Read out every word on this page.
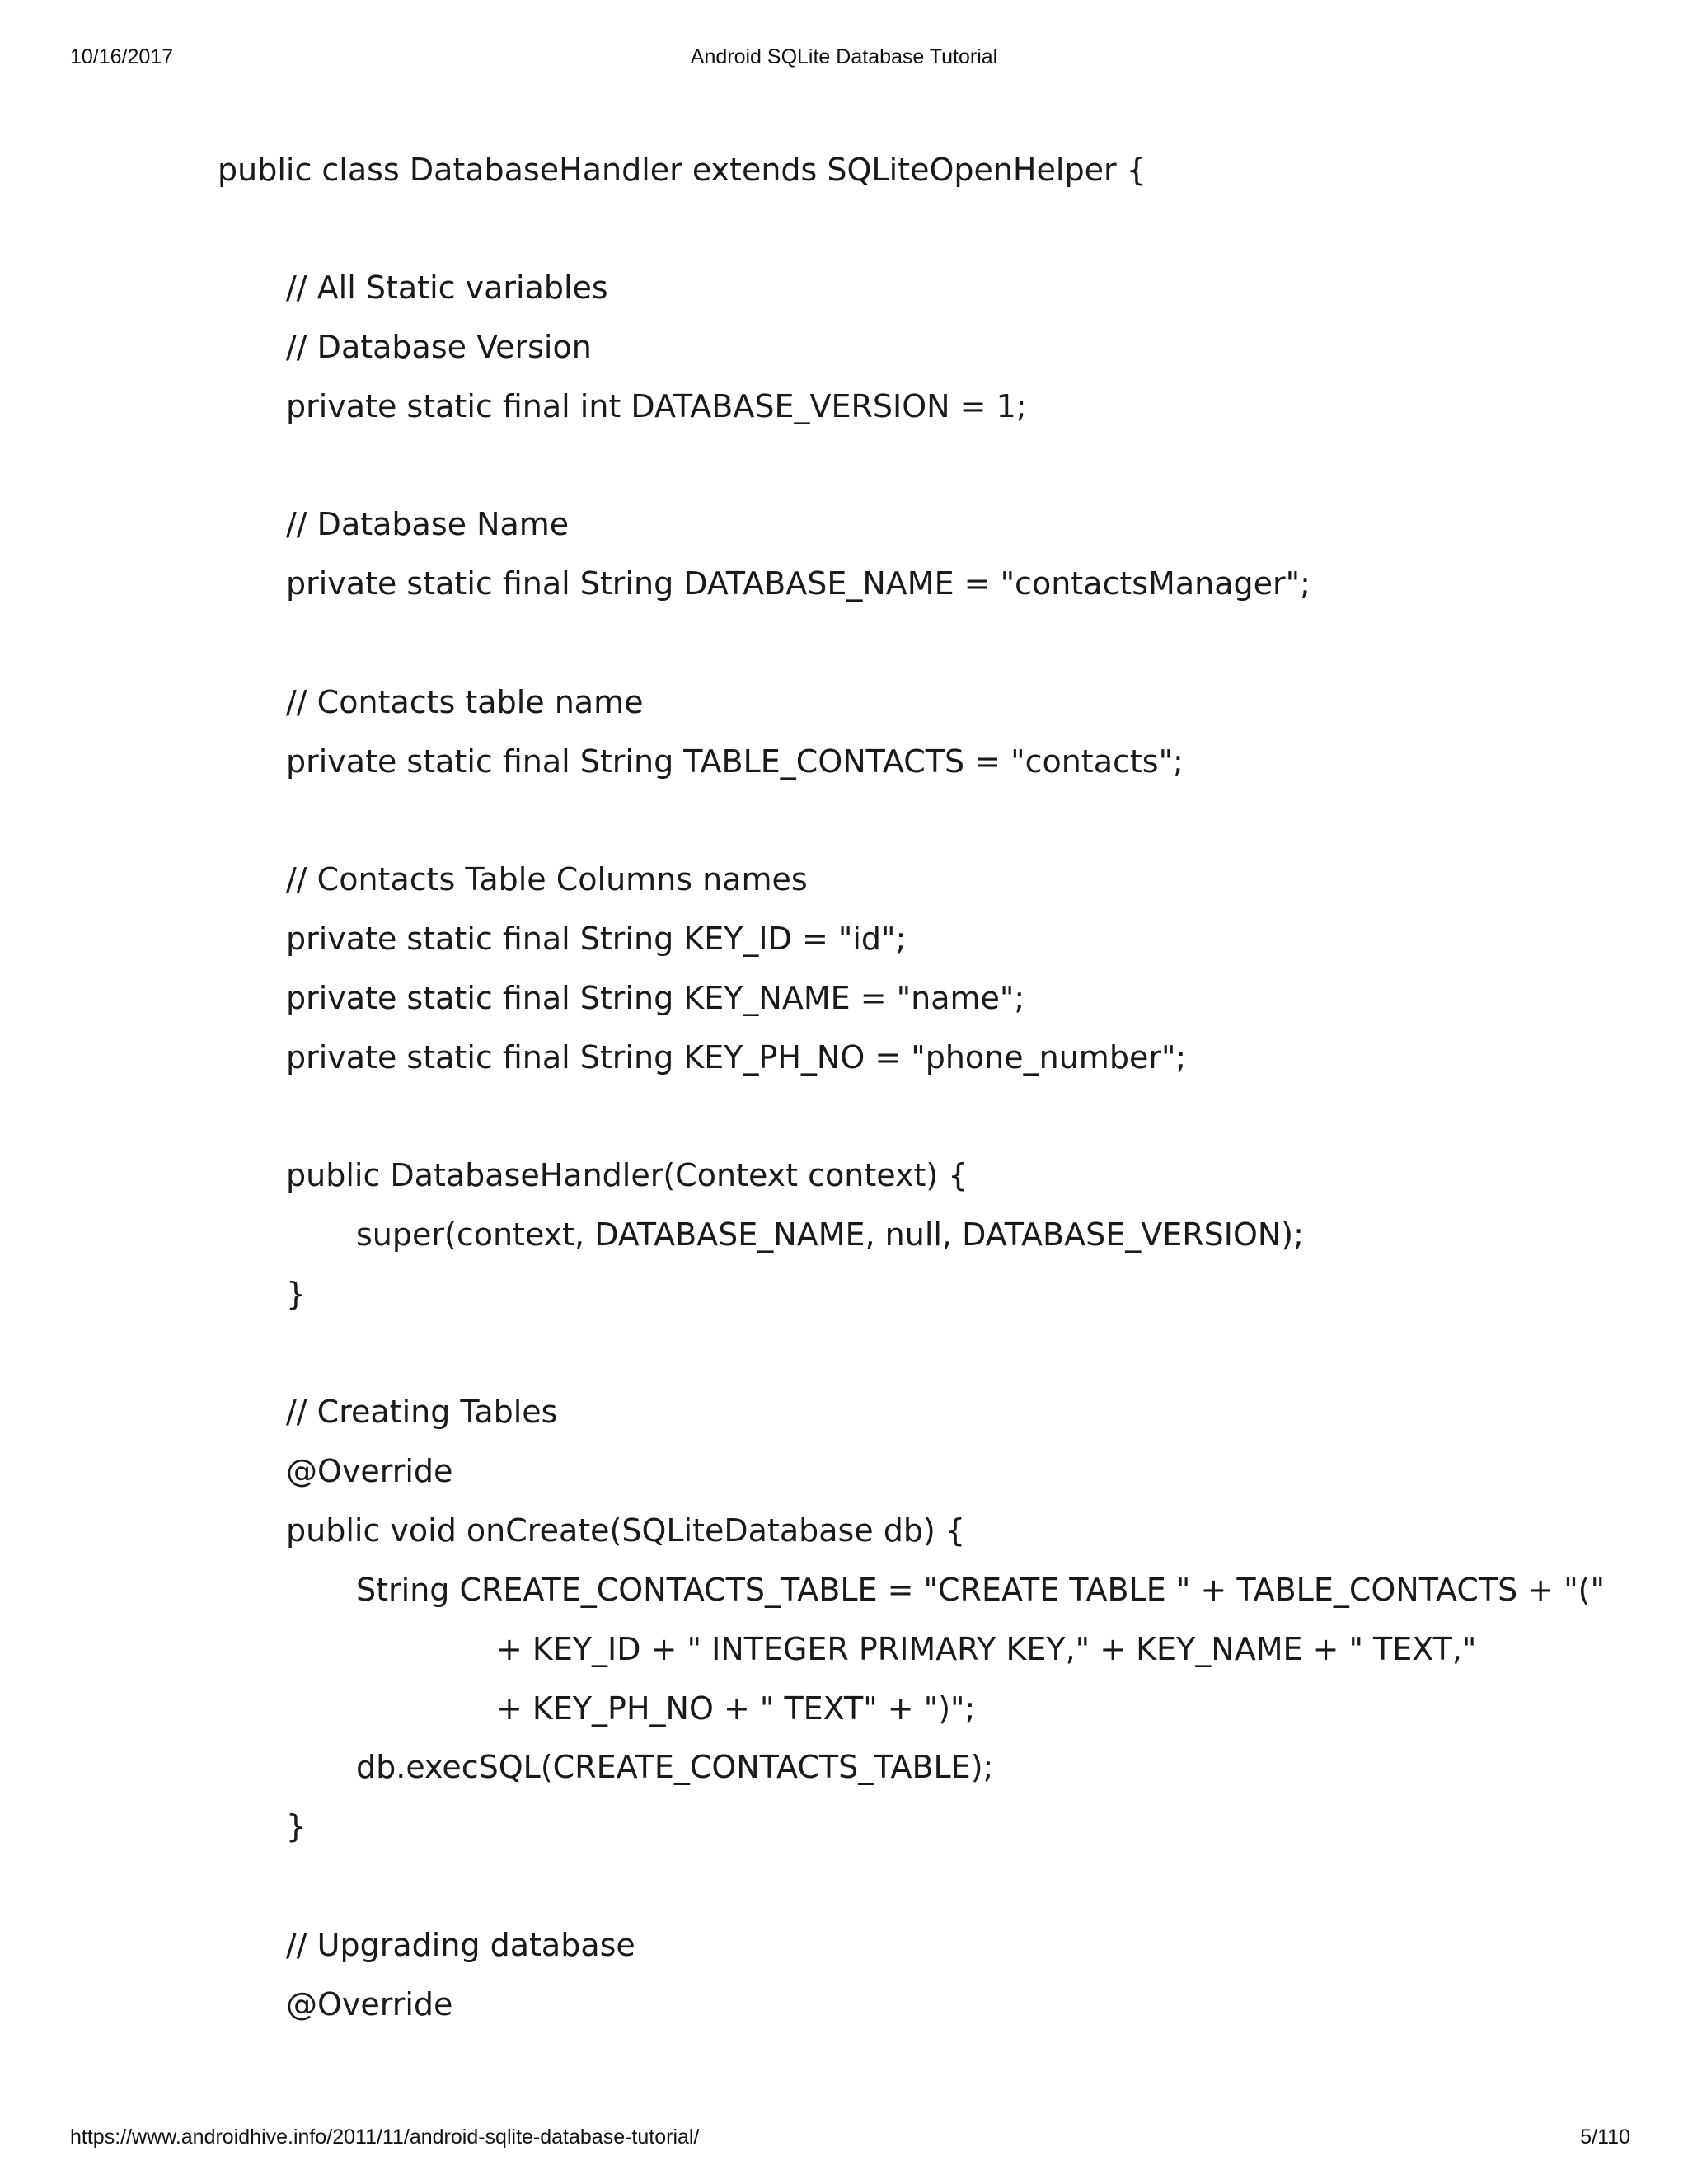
10/16/2017	Android SQLite Database Tutorial
public class DatabaseHandler extends SQLiteOpenHelper {
// All Static variables
// Database Version
private static final int DATABASE_VERSION = 1;
// Database Name
private static final String DATABASE_NAME = "contactsManager";
// Contacts table name
private static final String TABLE_CONTACTS = "contacts";
// Contacts Table Columns names
private static final String KEY_ID = "id";
private static final String KEY_NAME = "name";
private static final String KEY_PH_NO = "phone_number";
public DatabaseHandler(Context context) {
super(context, DATABASE_NAME, null, DATABASE_VERSION);
}
// Creating Tables
@Override
public void onCreate(SQLiteDatabase db) {
String CREATE_CONTACTS_TABLE = "CREATE TABLE " + TABLE_CONTACTS + "("
+ KEY_ID + " INTEGER PRIMARY KEY," + KEY_NAME + " TEXT,"
+ KEY_PH_NO + " TEXT" + ")";
db.execSQL(CREATE_CONTACTS_TABLE);
}
// Upgrading database
@Override
https://www.androidhive.info/2011/11/android-sqlite-database-tutorial/	5/110
